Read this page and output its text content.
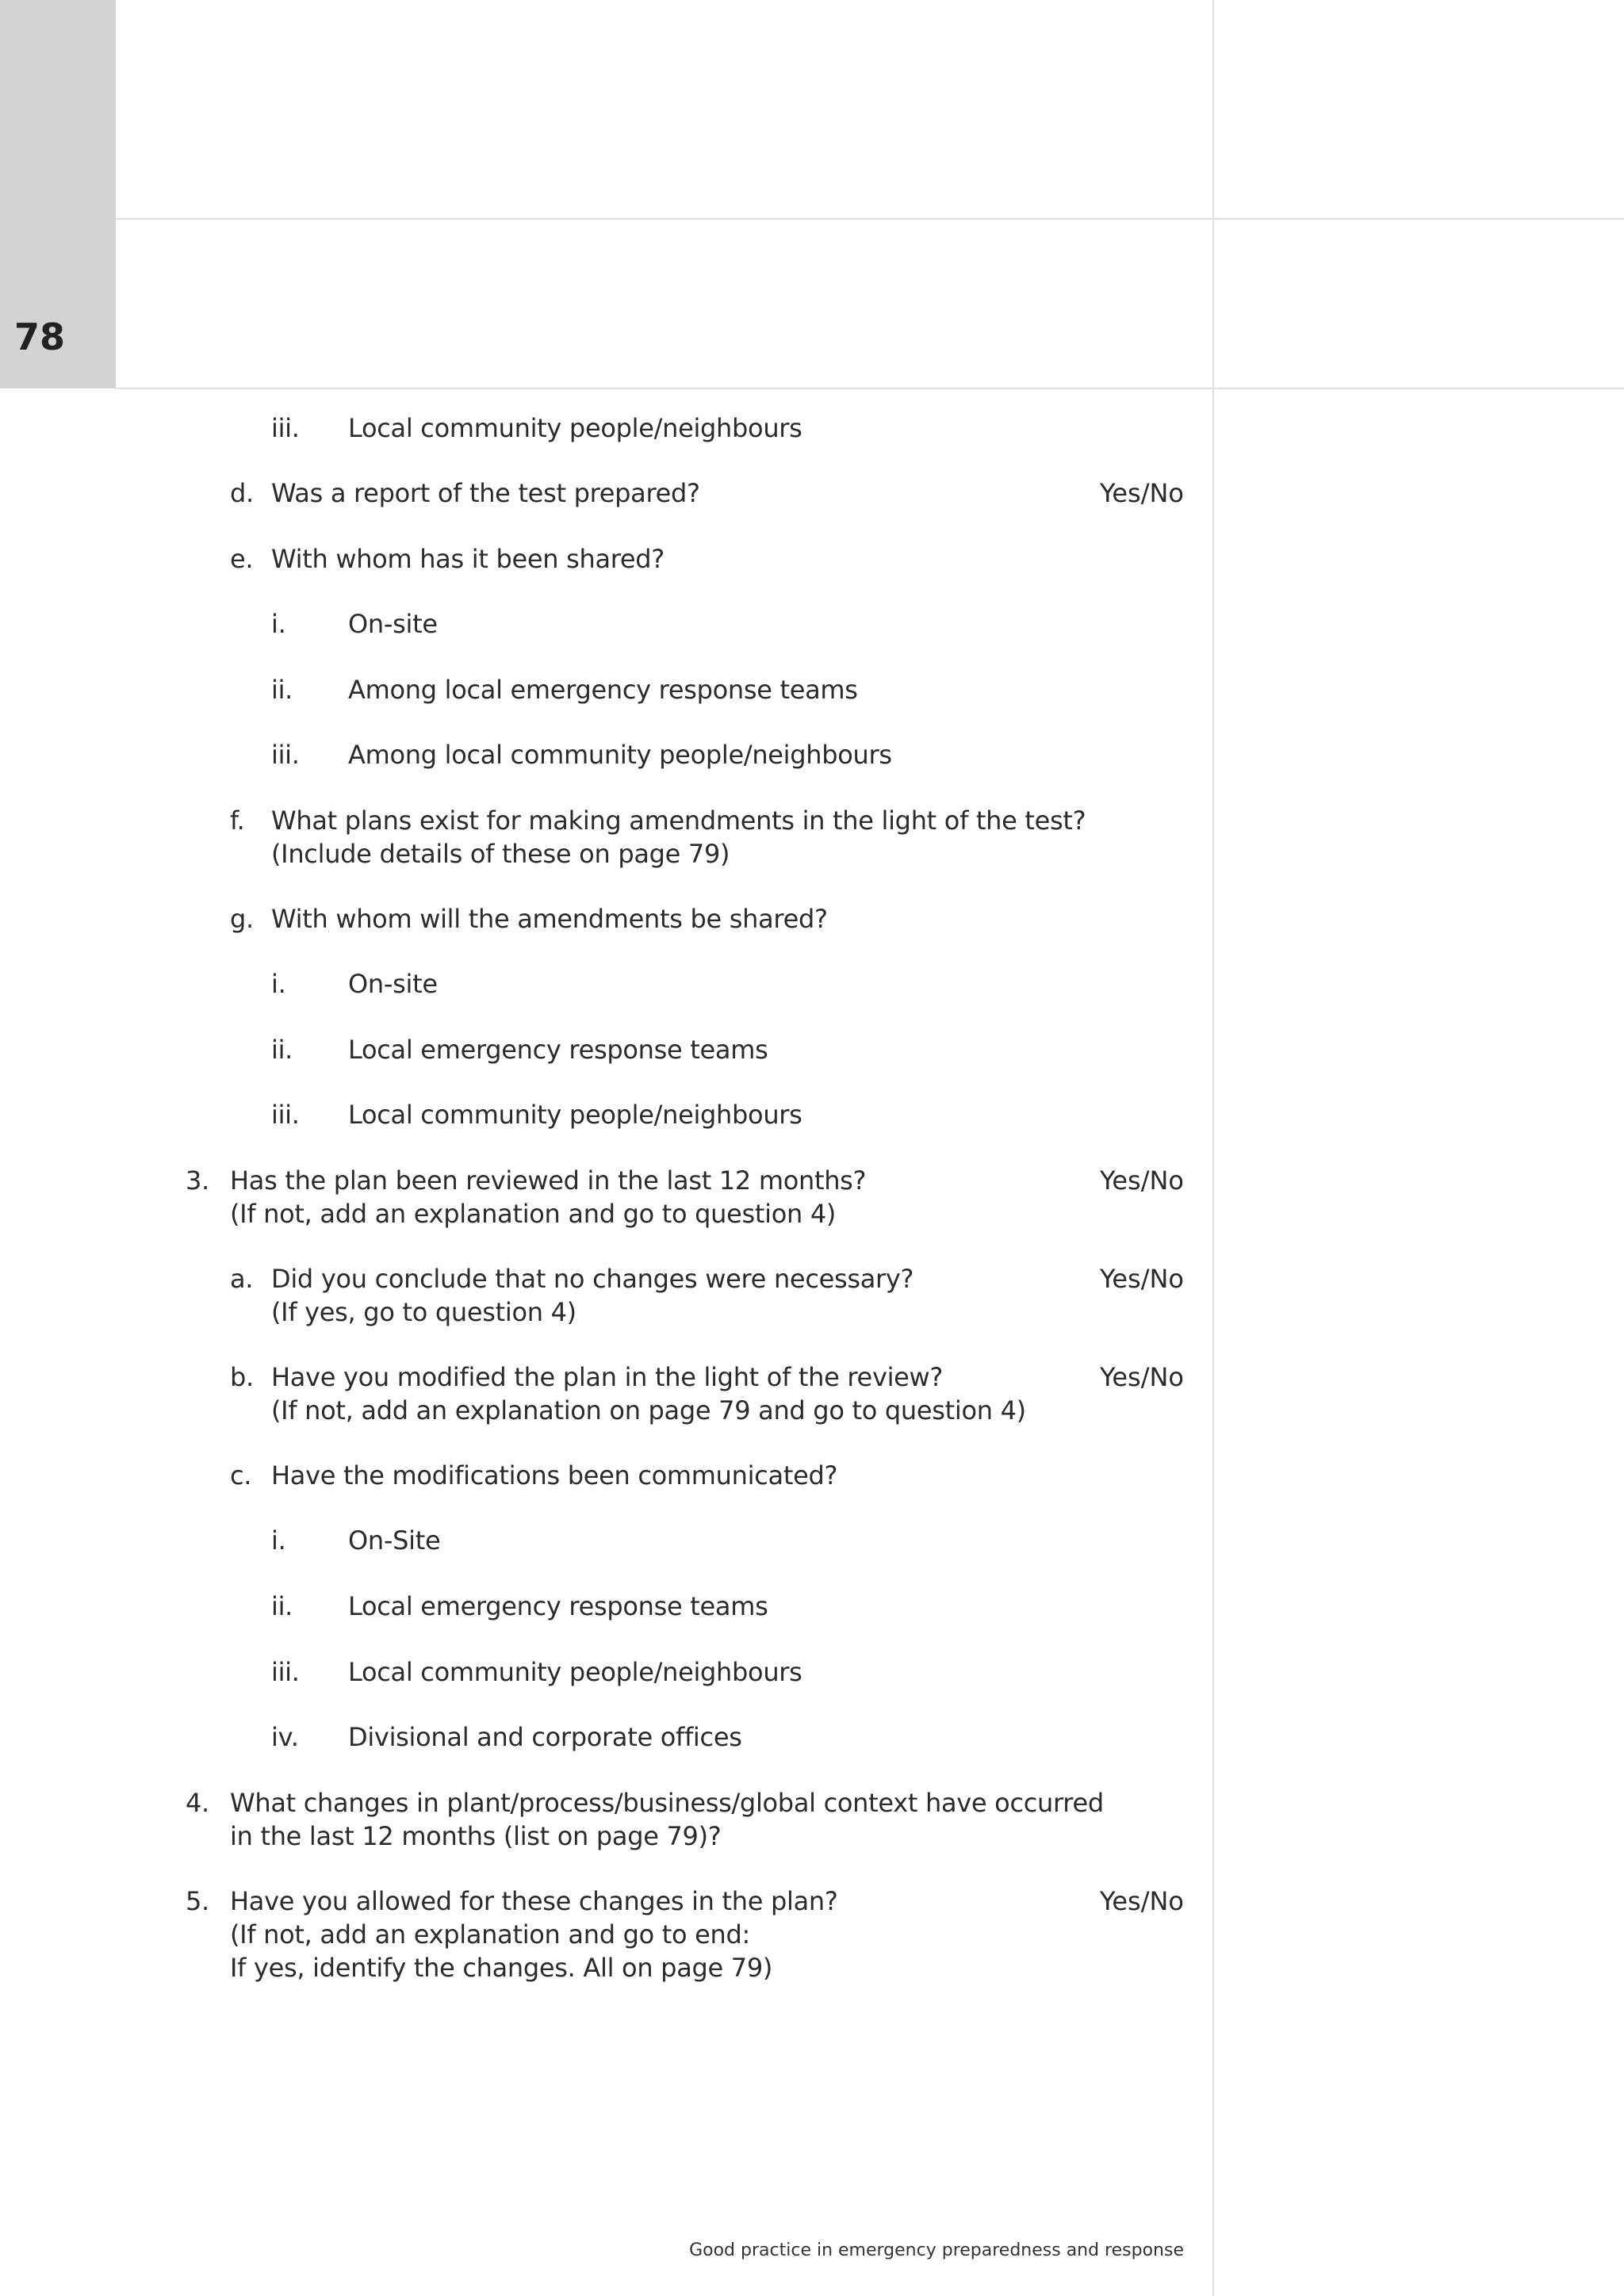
78
iii. Local community people/neighbours
d. Was a report of the test prepared?	Yes/No
e. With whom has it been shared?
i. On-site
ii. Among local emergency response teams
iii. Among local community people/neighbours
f. What plans exist for making amendments in the light of the test?
(Include details of these on page 79)
g. With whom will the amendments be shared?
i. On-site
ii. Local emergency response teams
iii. Local community people/neighbours
3. Has the plan been reviewed in the last 12 months?
(If not, add an explanation and go to question 4)
Yes/No
a. Did you conclude that no changes were necessary?
(If yes, go to question 4)
Yes/No
b. Have you modified the plan in the light of the review?
(If not, add an explanation on page 79 and go to question 4)
Yes/No
c. Have the modifications been communicated?
i. On-Site
ii. Local emergency response teams
iii. Local community people/neighbours
iv. Divisional and corporate offices
4. What changes in plant/process/business/global context have occurred
in the last 12 months (list on page 79)?
5. Have you allowed for these changes in the plan?
(If not, add an explanation and go to end:
If yes, identify the changes. All on page 79)
Yes/No
Good practice in emergency preparedness and response
